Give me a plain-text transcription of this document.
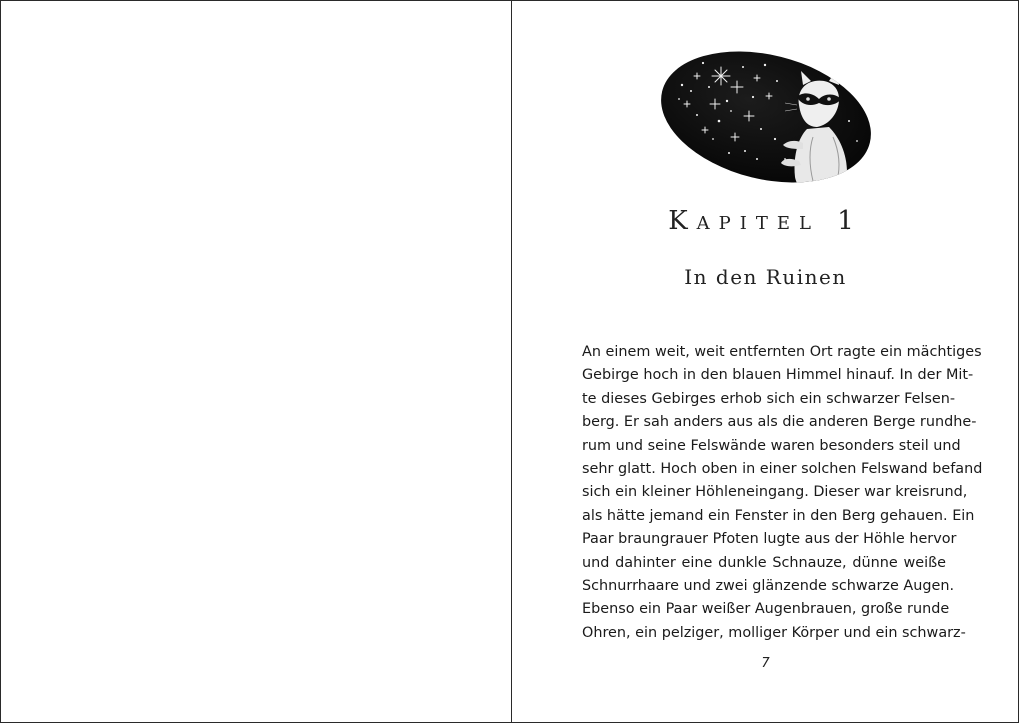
Kapitel 1
In den Ruinen
An einem weit, weit entfernten Ort ragte ein mächtiges
Gebirge hoch in den blauen Himmel hinauf. In der Mit-
te dieses Gebirges erhob sich ein schwarzer Felsen-
berg. Er sah anders aus als die anderen Berge rundhe-
rum und seine Felswände waren besonders steil und
sehr glatt. Hoch oben in einer solchen Felswand befand
sich ein kleiner Höhleneingang. Dieser war kreisrund,
als hätte jemand ein Fenster in den Berg gehauen. Ein
Paar braungrauer Pfoten lugte aus der Höhle hervor
und dahinter eine dunkle Schnauze, dünne weiße
Schnurrhaare und zwei glänzende schwarze Augen.
Ebenso ein Paar weißer Augenbrauen, große runde
Ohren, ein pelziger, molliger Körper und ein schwarz-
7
